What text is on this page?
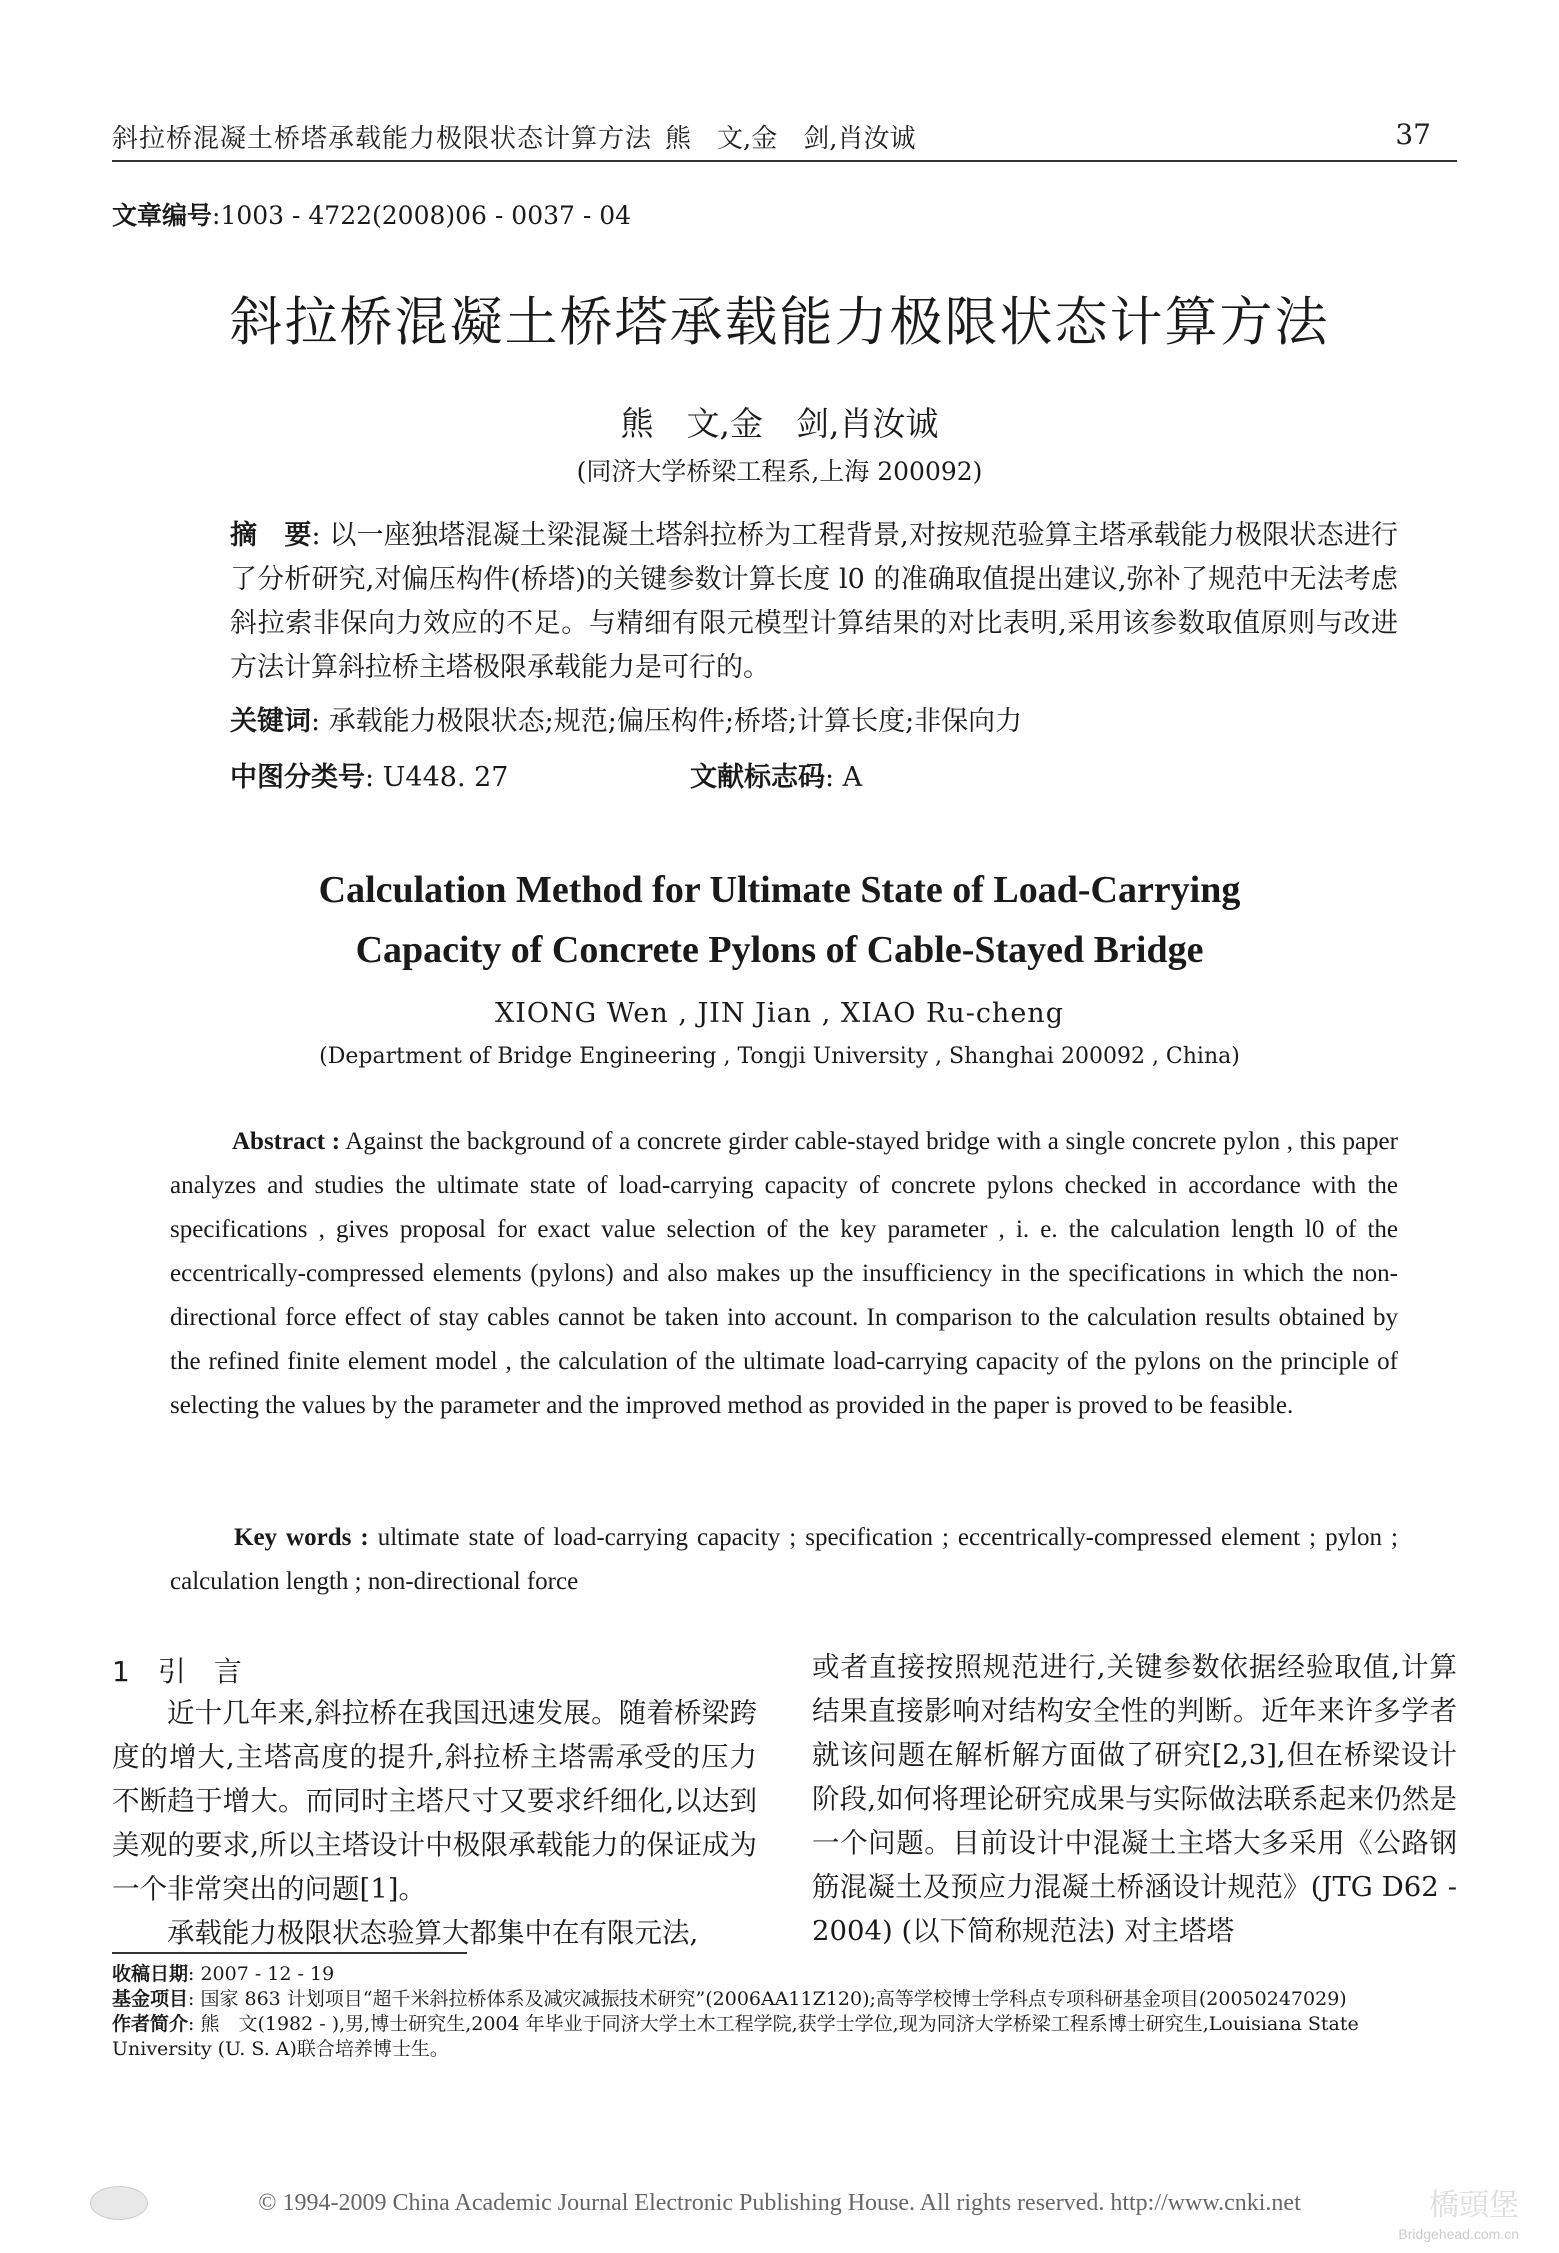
斜拉桥混凝土桥塔承载能力极限状态计算方法 熊　文,金　剑,肖汝诚	37
文章编号:1003 - 4722(2008)06 - 0037 - 04
斜拉桥混凝土桥塔承载能力极限状态计算方法
熊　文,金　剑,肖汝诚
(同济大学桥梁工程系,上海 200092)
摘　要: 以一座独塔混凝土梁混凝土塔斜拉桥为工程背景,对按规范验算主塔承载能力极限状态进行了分析研究,对偏压构件(桥塔)的关键参数计算长度 l0 的准确取值提出建议,弥补了规范中无法考虑斜拉索非保向力效应的不足。与精细有限元模型计算结果的对比表明,采用该参数取值原则与改进方法计算斜拉桥主塔极限承载能力是可行的。
关键词: 承载能力极限状态;规范;偏压构件;桥塔;计算长度;非保向力
中图分类号: U448. 27	文献标志码: A
Calculation Method for Ultimate State of Load-Carrying
Capacity of Concrete Pylons of Cable-Stayed Bridge
XIONG Wen , JIN Jian , XIAO Ru-cheng
(Department of Bridge Engineering , Tongji University , Shanghai 200092 , China)
Abstract : Against the background of a concrete girder cable-stayed bridge with a single concrete pylon , this paper analyzes and studies the ultimate state of load-carrying capacity of concrete pylons checked in accordance with the specifications , gives proposal for exact value selection of the key parameter , i. e. the calculation length l0 of the eccentrically-compressed elements (pylons) and also makes up the insufficiency in the specifications in which the non-directional force effect of stay cables cannot be taken into account. In comparison to the calculation results obtained by the refined finite element model , the calculation of the ultimate load-carrying capacity of the pylons on the principle of selecting the values by the parameter and the improved method as provided in the paper is proved to be feasible.
Key words : ultimate state of load-carrying capacity ; specification ; eccentrically-compressed element ; pylon ; calculation length ; non-directional force
1　引　言
近十几年来,斜拉桥在我国迅速发展。随着桥梁跨度的增大,主塔高度的提升,斜拉桥主塔需承受的压力不断趋于增大。而同时主塔尺寸又要求纤细化,以达到美观的要求,所以主塔设计中极限承载能力的保证成为一个非常突出的问题[1]。
承载能力极限状态验算大都集中在有限元法,
或者直接按照规范进行,关键参数依据经验取值,计算结果直接影响对结构安全性的判断。近年来许多学者就该问题在解析解方面做了研究[2,3],但在桥梁设计阶段,如何将理论研究成果与实际做法联系起来仍然是一个问题。目前设计中混凝土主塔大多采用《公路钢筋混凝土及预应力混凝土桥涵设计规范》(JTG D62 - 2004) (以下简称规范法) 对主塔塔
收稿日期: 2007 - 12 - 19
基金项目: 国家 863 计划项目“超千米斜拉桥体系及减灾减振技术研究”(2006AA11Z120);高等学校博士学科点专项科研基金项目(20050247029)
作者简介: 熊　文(1982 - ),男,博士研究生,2004 年毕业于同济大学土木工程学院,获学士学位,现为同济大学桥梁工程系博士研究生,Louisiana State University (U. S. A)联合培养博士生。
© 1994-2009 China Academic Journal Electronic Publishing House. All rights reserved. http://www.cnki.net	橋頭堡
Bridgehead.com.cn
